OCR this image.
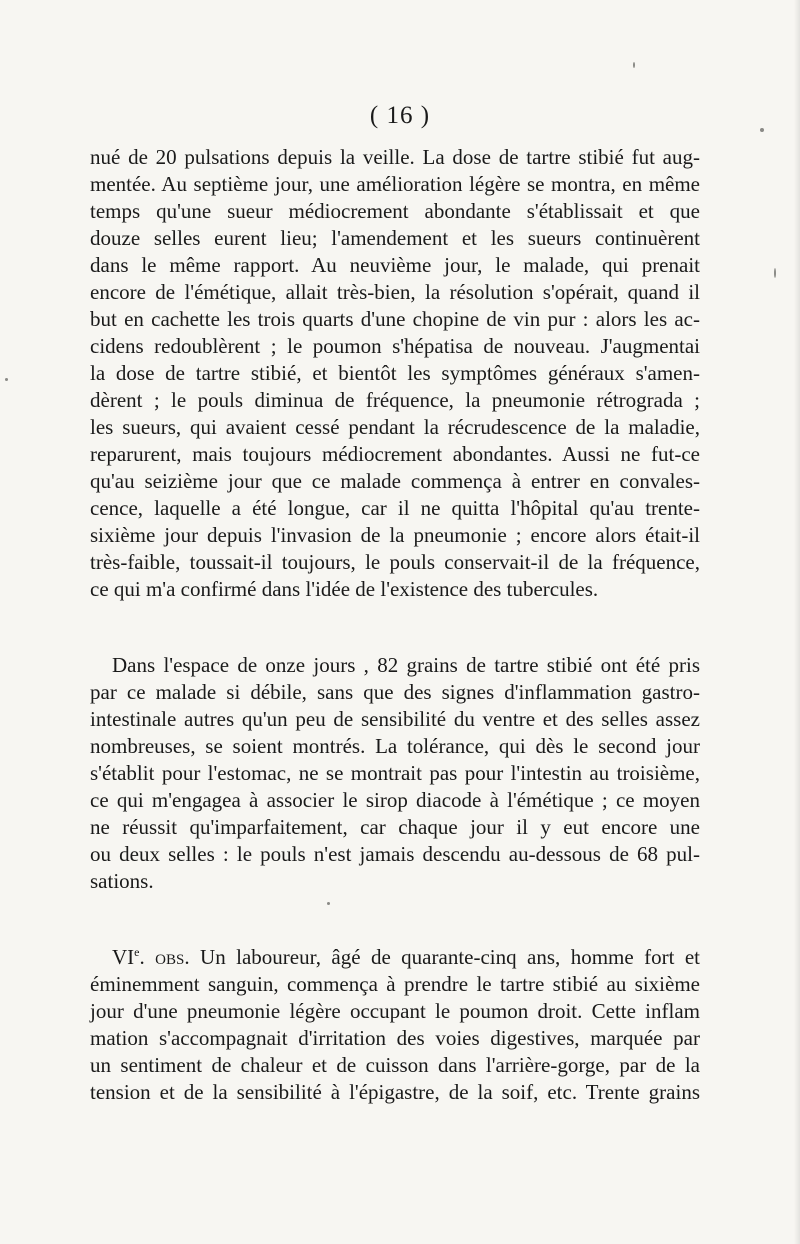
( 16 )
nué de 20 pulsations depuis la veille. La dose de tartre stibié fut aug-
mentée. Au septième jour, une amélioration légère se montra, en même
temps qu'une sueur médiocrement abondante s'établissait et que
douze selles eurent lieu; l'amendement et les sueurs continuèrent
dans le même rapport. Au neuvième jour, le malade, qui prenait
encore de l'émétique, allait très-bien, la résolution s'opérait, quand il
but en cachette les trois quarts d'une chopine de vin pur : alors les ac-
cidens redoublèrent ; le poumon s'hépatisa de nouveau. J'augmentai
la dose de tartre stibié, et bientôt les symptômes généraux s'amen-
dèrent ; le pouls diminua de fréquence, la pneumonie rétrograda ;
les sueurs, qui avaient cessé pendant la récrudescence de la maladie,
reparurent, mais toujours médiocrement abondantes. Aussi ne fut-ce
qu'au seizième jour que ce malade commença à entrer en convales-
cence, laquelle a été longue, car il ne quitta l'hôpital qu'au trente-
sixième jour depuis l'invasion de la pneumonie ; encore alors était-il
très-faible, toussait-il toujours, le pouls conservait-il de la fréquence,
ce qui m'a confirmé dans l'idée de l'existence des tubercules.
Dans l'espace de onze jours , 82 grains de tartre stibié ont été pris
par ce malade si débile, sans que des signes d'inflammation gastro-
intestinale autres qu'un peu de sensibilité du ventre et des selles assez
nombreuses, se soient montrés. La tolérance, qui dès le second jour
s'établit pour l'estomac, ne se montrait pas pour l'intestin au troisième,
ce qui m'engagea à associer le sirop diacode à l'émétique ; ce moyen
ne réussit qu'imparfaitement, car chaque jour il y eut encore une
ou deux selles : le pouls n'est jamais descendu au-dessous de 68 pul-
sations.
VIe. obs. Un laboureur, âgé de quarante-cinq ans, homme fort et
éminemment sanguin, commença à prendre le tartre stibié au sixième
jour d'une pneumonie légère occupant le poumon droit. Cette inflam
mation s'accompagnait d'irritation des voies digestives, marquée par
un sentiment de chaleur et de cuisson dans l'arrière-gorge, par de la
tension et de la sensibilité à l'épigastre, de la soif, etc. Trente grains
